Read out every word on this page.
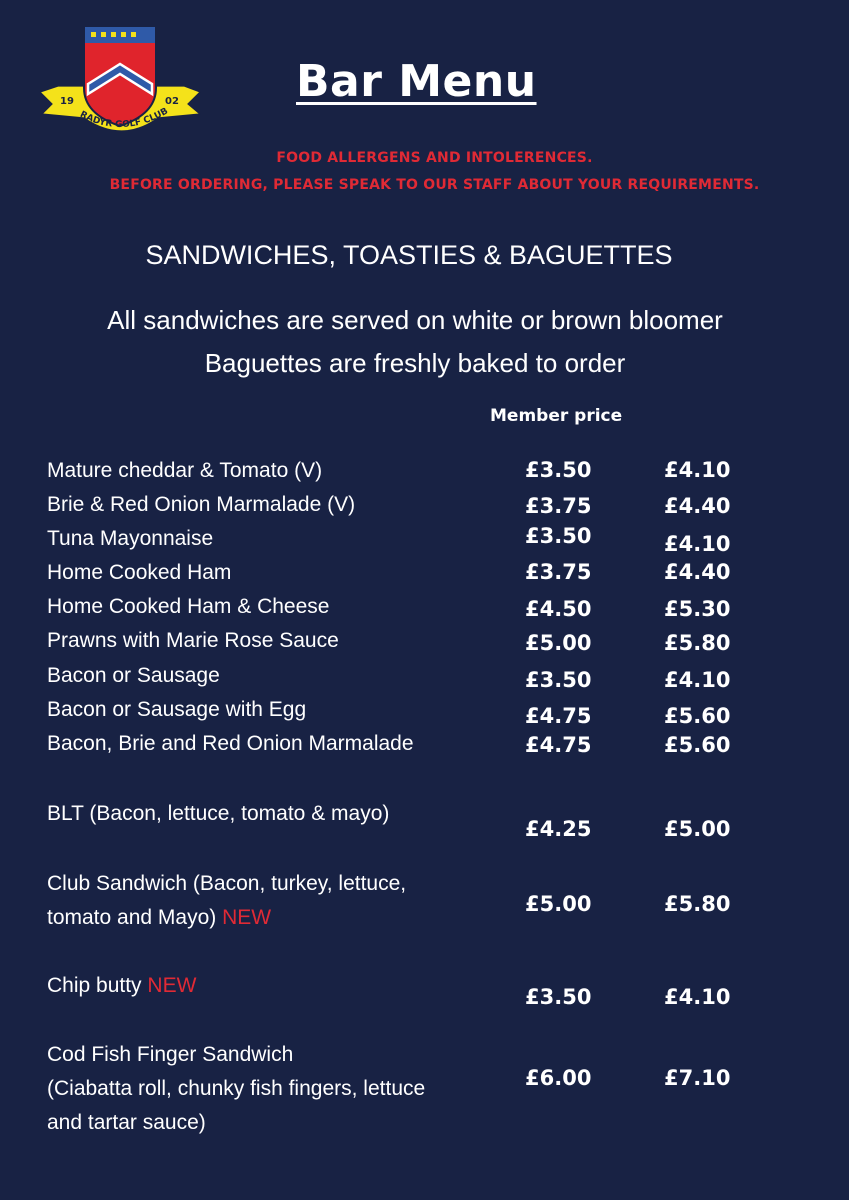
19	02
RADYR GOLF CLUB
Bar Menu
FOOD ALLERGENS AND INTOLERENCES.
BEFORE ORDERING, PLEASE SPEAK TO OUR STAFF ABOUT YOUR REQUIREMENTS.
SANDWICHES, TOASTIES & BAGUETTES
All sandwiches are served on white or brown bloomer
Baguettes are freshly baked to order
Member price
Mature cheddar & Tomato (V)	£3.50	£4.10
Brie & Red Onion Marmalade (V)	£3.75	£4.40
Tuna Mayonnaise	£3.50	£4.10
Home Cooked Ham	£3.75	£4.40
Home Cooked Ham & Cheese	£4.50	£5.30
Prawns with Marie Rose Sauce	£5.00	£5.80
Bacon or Sausage	£3.50	£4.10
Bacon or Sausage with Egg	£4.75	£5.60
Bacon, Brie and Red Onion Marmalade	£4.75	£5.60
BLT (Bacon, lettuce, tomato & mayo)
£4.25	£5.00
Club Sandwich (Bacon, turkey, lettuce,
tomato and Mayo) NEW
£5.00	£5.80
Chip butty NEW	£3.50	£4.10
Cod Fish Finger Sandwich
(Ciabatta roll, chunky fish fingers, lettuce
and tartar sauce)
£6.00	£7.10
